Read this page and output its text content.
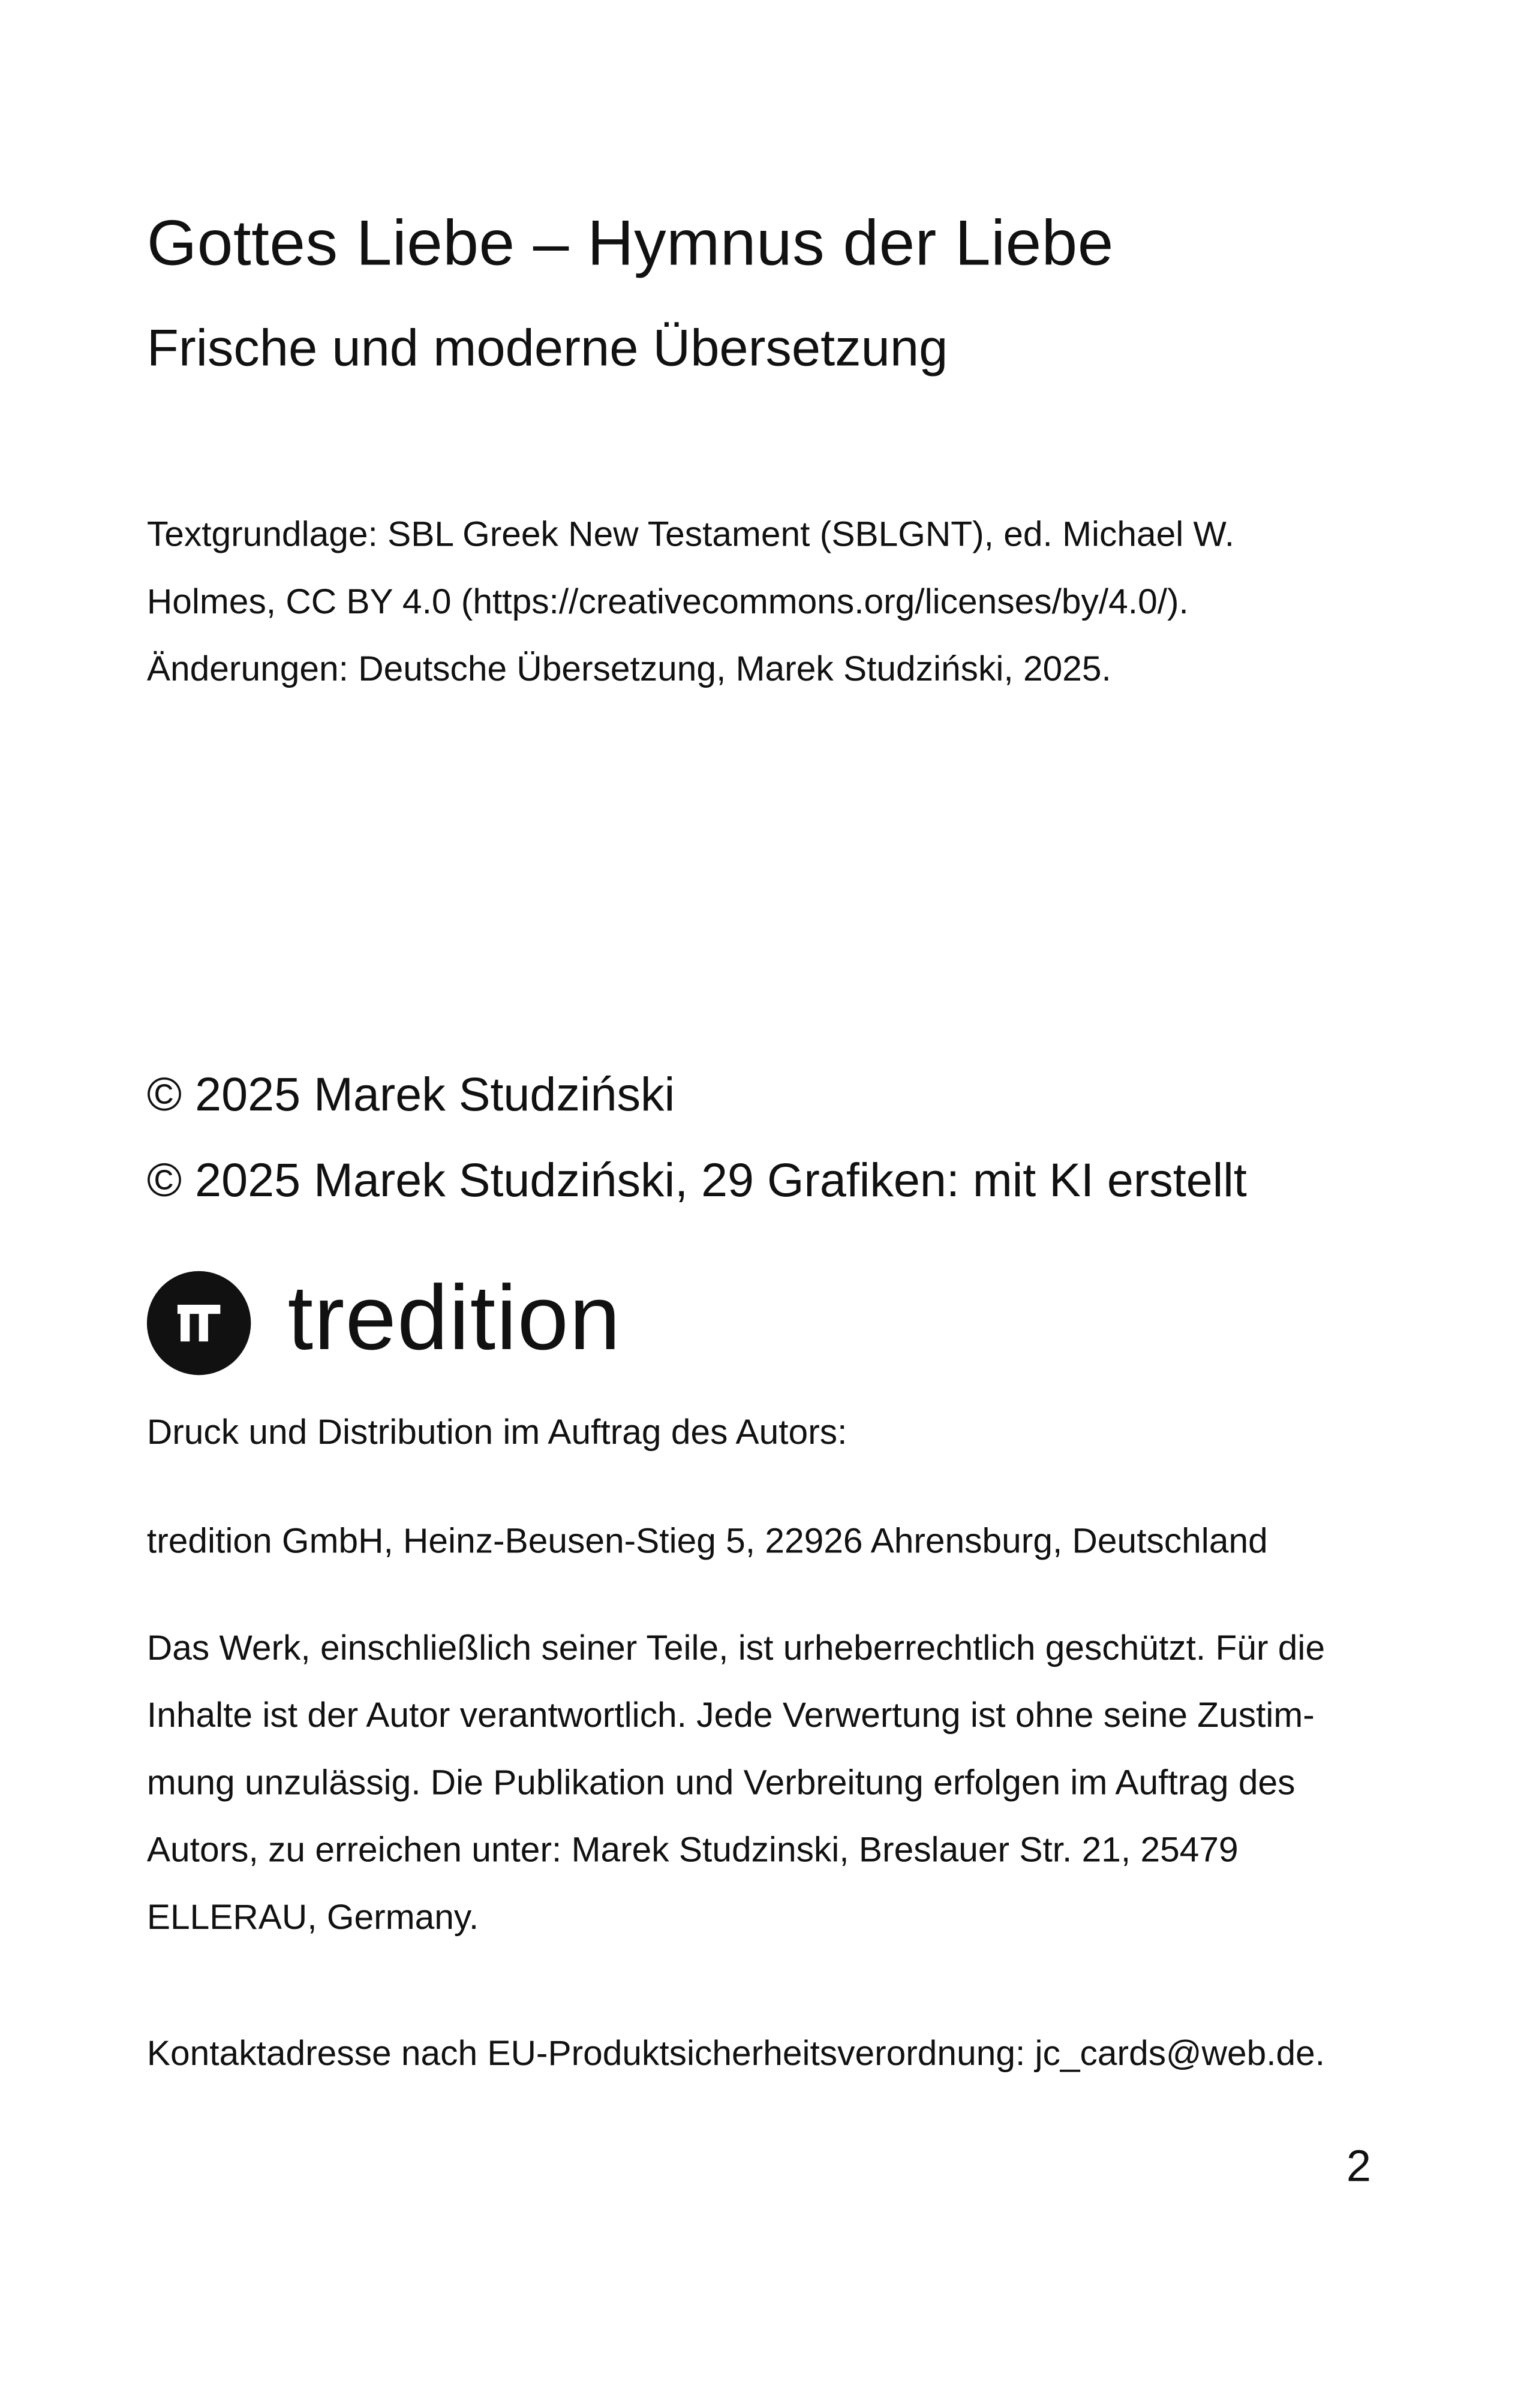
Gottes Liebe – Hymnus der Liebe
Frische und moderne Übersetzung
Textgrundlage: SBL Greek New Testament (SBLGNT), ed. Michael W.
Holmes, CC BY 4.0 (https://creativecommons.org/licenses/by/4.0/).
Änderungen: Deutsche Übersetzung, Marek Studziński, 2025.
© 2025 Marek Studziński
© 2025 Marek Studziński, 29 Grafiken: mit KI erstellt
tredition
Druck und Distribution im Auftrag des Autors:
tredition GmbH, Heinz-Beusen-Stieg 5, 22926 Ahrensburg, Deutschland
Das Werk, einschließlich seiner Teile, ist urheberrechtlich geschützt. Für die
Inhalte ist der Autor verantwortlich. Jede Verwertung ist ohne seine Zustim-
mung unzulässig. Die Publikation und Verbreitung erfolgen im Auftrag des
Autors, zu erreichen unter: Marek Studzinski, Breslauer Str. 21, 25479
ELLERAU, Germany.
Kontaktadresse nach EU-Produktsicherheitsverordnung: jc_cards@web.de.
2
